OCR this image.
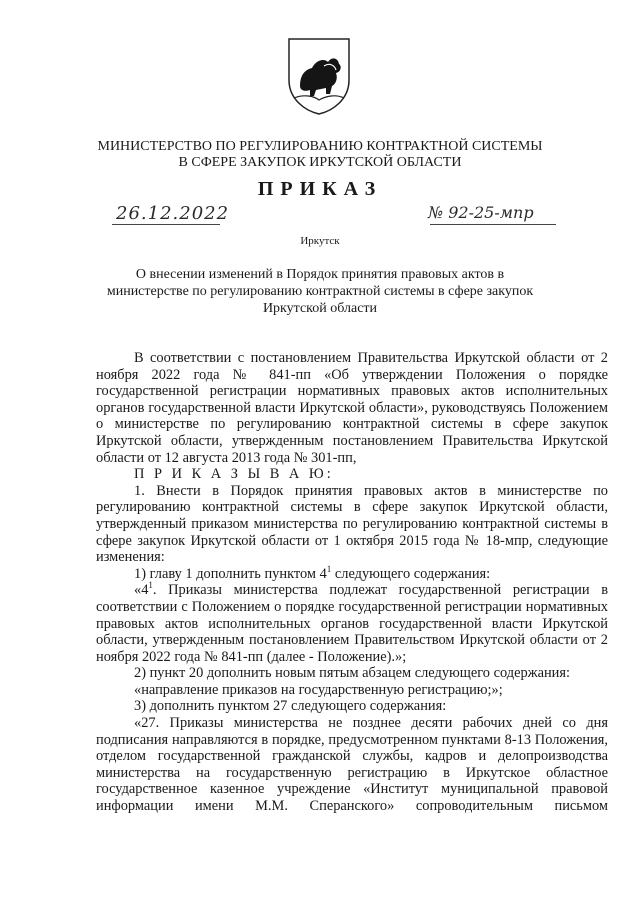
МИНИСТЕРСТВО ПО РЕГУЛИРОВАНИЮ КОНТРАКТНОЙ СИСТЕМЫ
В СФЕРЕ ЗАКУПОК ИРКУТСКОЙ ОБЛАСТИ
ПРИКАЗ
26.12.2022	№ 92-25-мпр
Иркутск
О внесении изменений в Порядок принятия правовых актов в
министерстве по регулированию контрактной системы в сфере закупок
Иркутской области
В соответствии с постановлением Правительства Иркутской области от 2 ноября 2022 года № 841-пп «Об утверждении Положения о порядке государственной регистрации нормативных правовых актов исполнительных органов государственной власти Иркутской области», руководствуясь Положением о министерстве по регулированию контрактной системы в сфере закупок Иркутской области, утвержденным постановлением Правительства Иркутской области от 12 августа 2013 года № 301-пп,
П Р И К А З Ы В А Ю:
1. Внести в Порядок принятия правовых актов в министерстве по регулированию контрактной системы в сфере закупок Иркутской области, утвержденный приказом министерства по регулированию контрактной системы в сфере закупок Иркутской области от 1 октября 2015 года № 18-мпр, следующие изменения:
1) главу 1 дополнить пунктом $4^1$ следующего содержания:
«$4^1$. Приказы министерства подлежат государственной регистрации в соответствии с Положением о порядке государственной регистрации нормативных правовых актов исполнительных органов государственной власти Иркутской области, утвержденным постановлением Правительством Иркутской области от 2 ноября 2022 года № 841-пп (далее - Положение).»;
2) пункт 20 дополнить новым пятым абзацем следующего содержания:
«направление приказов на государственную регистрацию;»;
3) дополнить пунктом 27 следующего содержания:
«27. Приказы министерства не позднее десяти рабочих дней со дня подписания направляются в порядке, предусмотренном пунктами 8-13 Положения, отделом государственной гражданской службы, кадров и делопроизводства министерства на государственную регистрацию в Иркутское областное государственное казенное учреждение «Институт муниципальной правовой информации имени М.М. Сперанского» сопроводительным письмом
